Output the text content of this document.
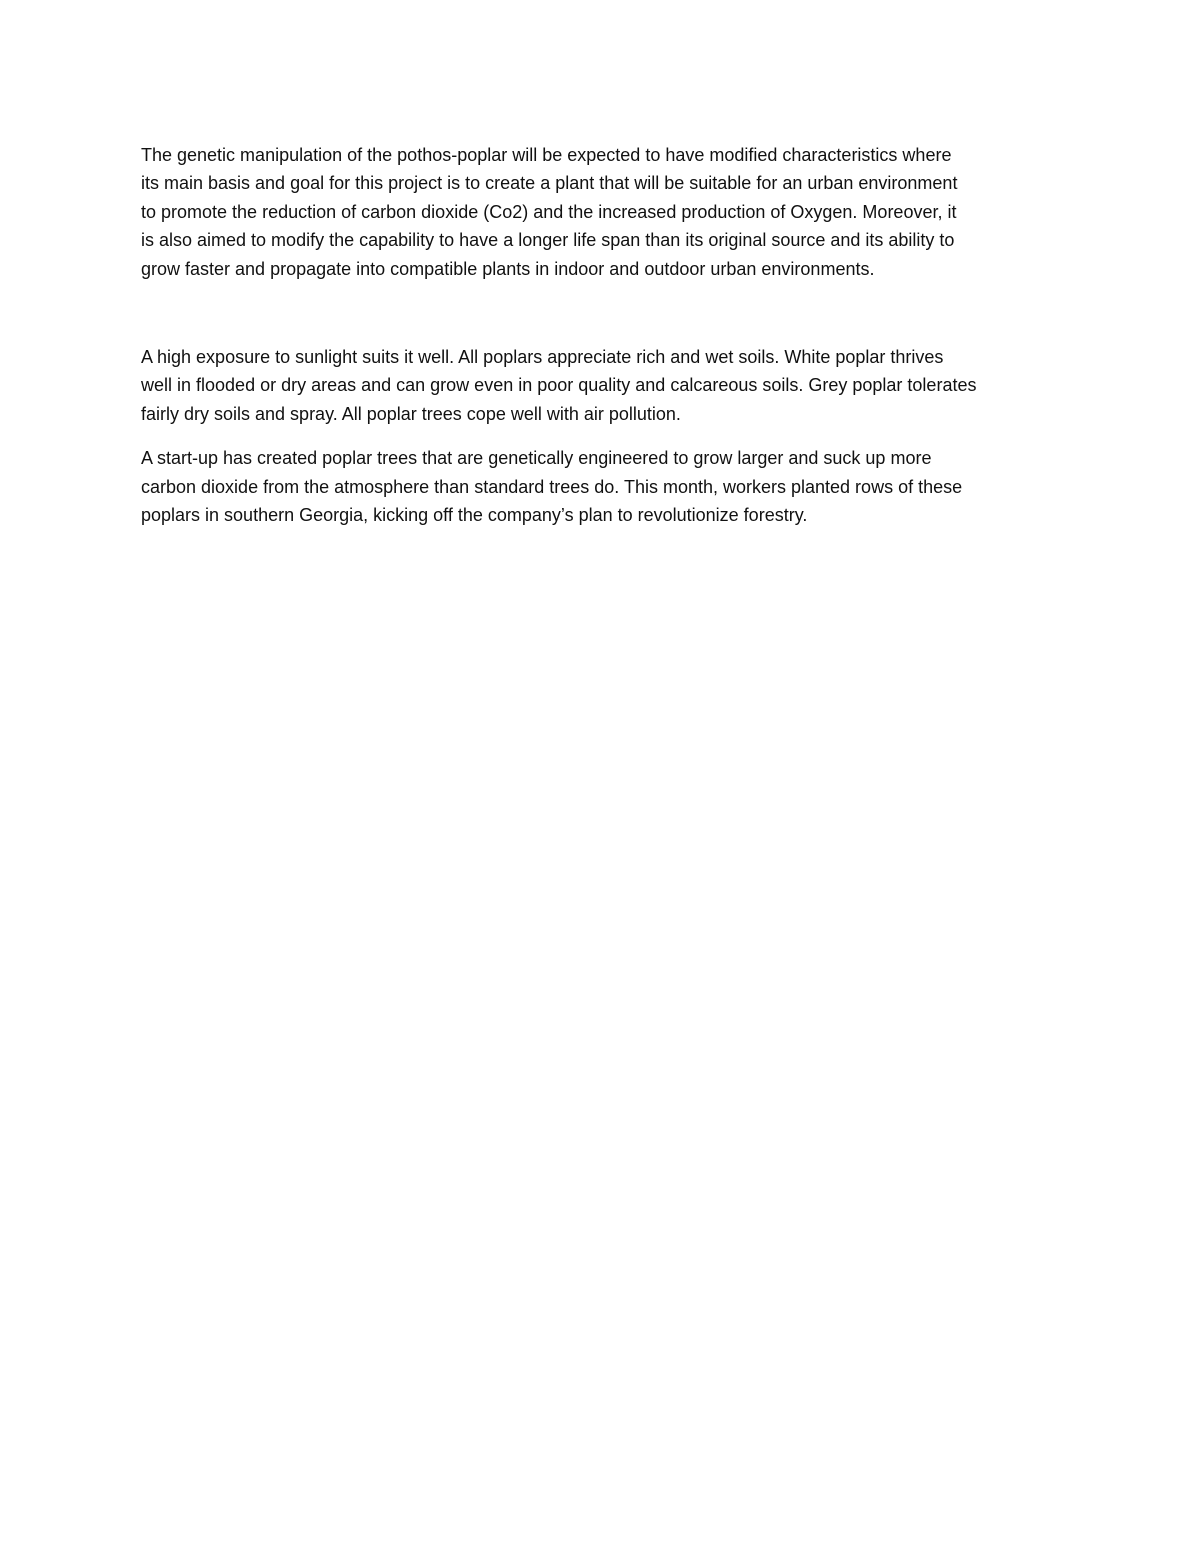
The genetic manipulation of the pothos-poplar will be expected to have modified characteristics where
its main basis and goal for this project is to create a plant that will be suitable for an urban environment
to promote the reduction of carbon dioxide (Co2) and the increased production of Oxygen. Moreover, it
is also aimed to modify the capability to have a longer life span than its original source and its ability to
grow faster and propagate into compatible plants in indoor and outdoor urban environments.

A high exposure to sunlight suits it well. All poplars appreciate rich and wet soils. White poplar thrives
well in flooded or dry areas and can grow even in poor quality and calcareous soils. Grey poplar tolerates
fairly dry soils and spray. All poplar trees cope well with air pollution.

A start-up has created poplar trees that are genetically engineered to grow larger and suck up more
carbon dioxide from the atmosphere than standard trees do. This month, workers planted rows of these
poplars in southern Georgia, kicking off the company’s plan to revolutionize forestry.
